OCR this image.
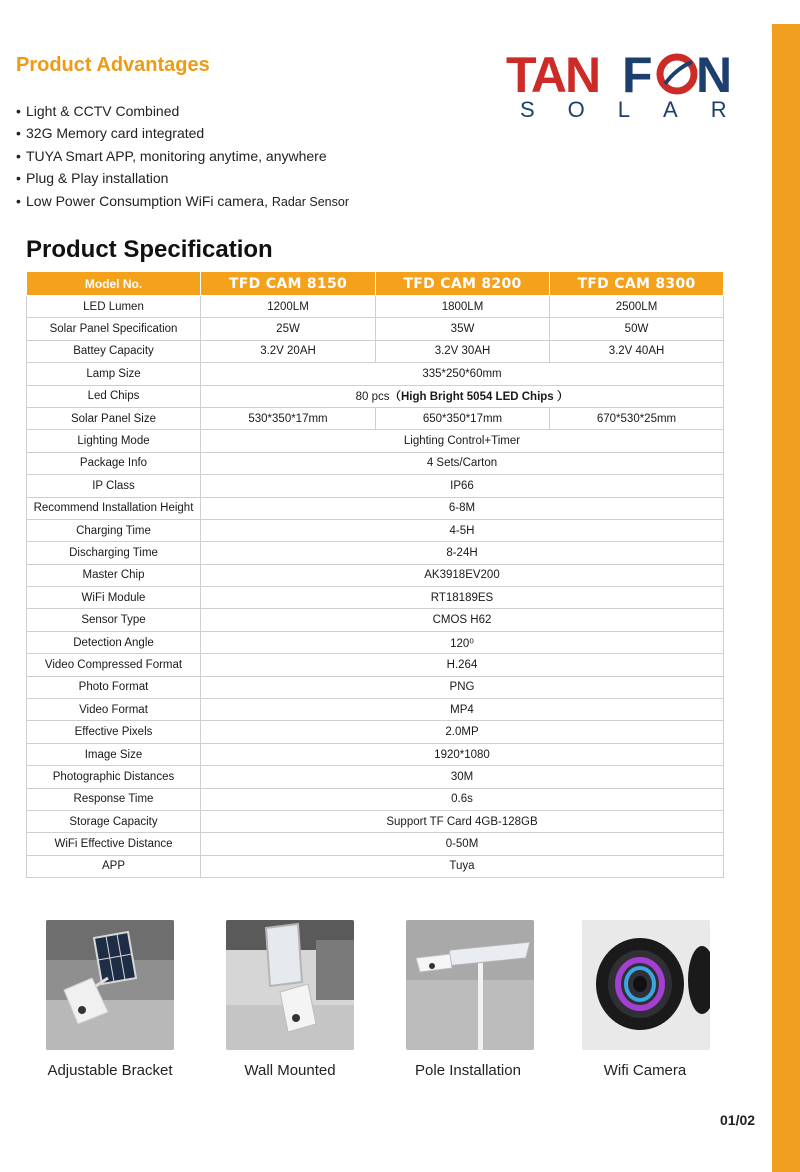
Product Advantages
• Light & CCTV Combined
• 32G Memory card integrated
• TUYA Smart APP, monitoring anytime, anywhere
• Plug & Play installation
• Low Power Consumption WiFi camera, Radar Sensor
TAN F N
SOLAR
Product Specification
Model No.	TFD CAM 8150	TFD CAM 8200	TFD CAM 8300
LED Lumen	1200LM	1800LM	2500LM
Solar Panel Specification	25W	35W	50W
Battey Capacity	3.2V 20AH	3.2V 30AH	3.2V 40AH
Lamp Size	335*250*60mm		
Led Chips	80 pcs（High Bright 5054 LED Chips ）		
Solar Panel Size	530*350*17mm	650*350*17mm	670*530*25mm
Lighting Mode	Lighting Control+Timer		
Package Info	4 Sets/Carton		
IP Class	IP66		
Recommend Installation Height	6-8M		
Charging Time	4-5H		
Discharging Time	8-24H		
Master Chip	AK3918EV200		
WiFi Module	RT18189ES		
Sensor Type	CMOS H62		
Detection Angle	120⁰		
Video Compressed Format	H.264		
Photo Format	PNG		
Video Format	MP4		
Effective Pixels	2.0MP		
Image Size	1920*1080		
Photographic Distances	30M		
Response Time	0.6s		
Storage Capacity	Support TF Card 4GB-128GB		
WiFi Effective Distance	0-50M		
APP	Tuya		
Adjustable Bracket	Wall Mounted	Pole Installation	Wifi Camera
01/02
